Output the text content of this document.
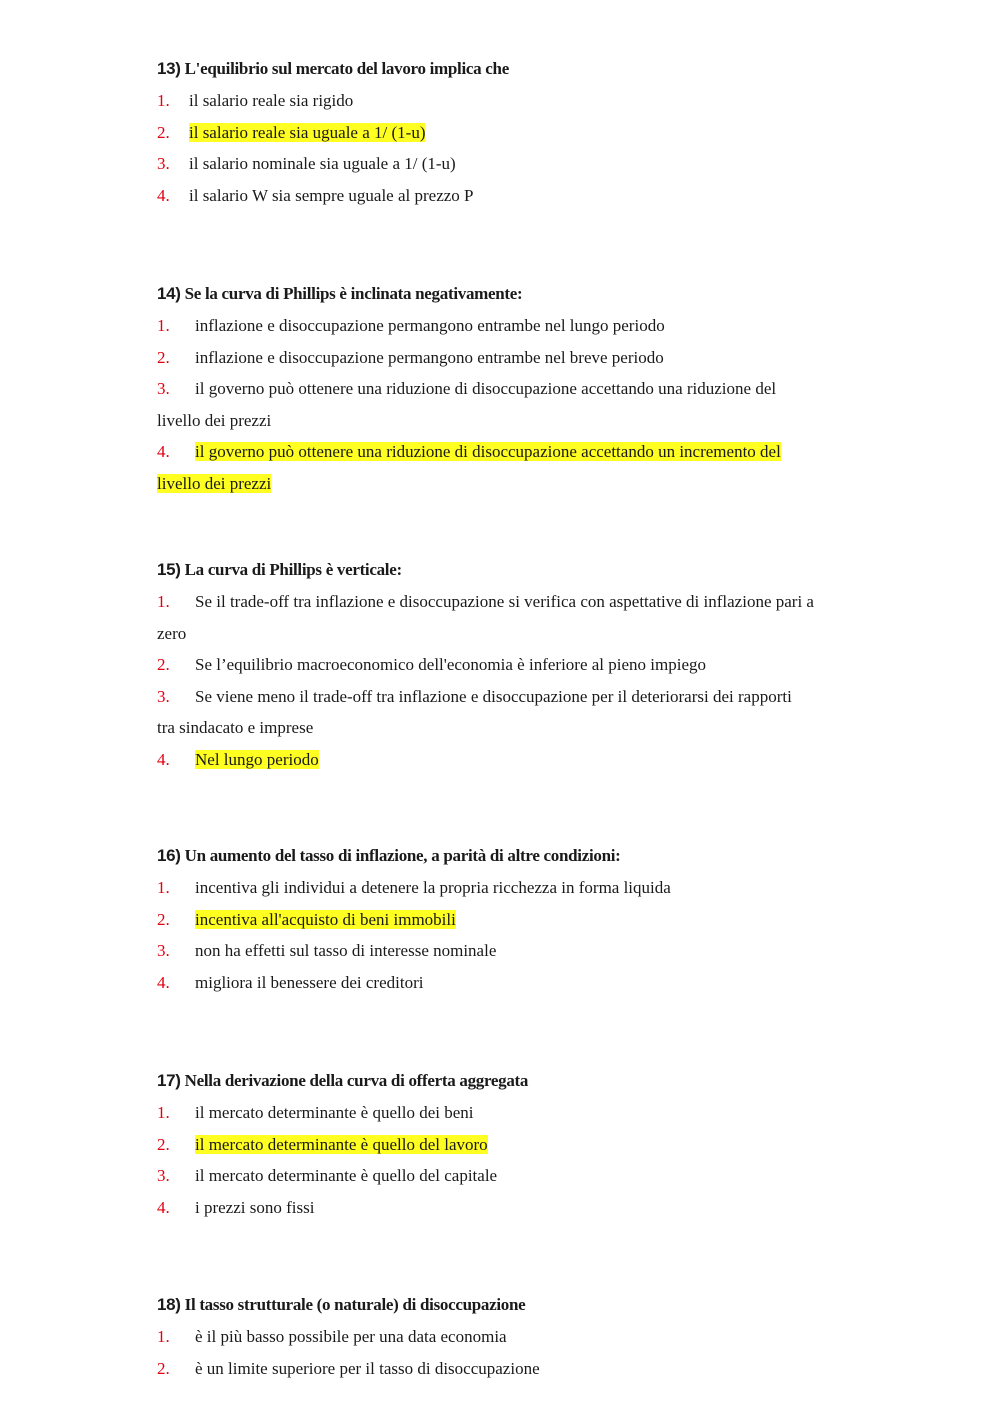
13) L'equilibrio sul mercato del lavoro implica che
1. il salario reale sia rigido
2. il salario reale sia uguale a 1/ (1-u)
3. il salario nominale sia uguale a 1/ (1-u)
4. il salario W sia sempre uguale al prezzo P
14) Se la curva di Phillips è inclinata negativamente:
1. inflazione e disoccupazione permangono entrambe nel lungo periodo
2. inflazione e disoccupazione permangono entrambe nel breve periodo
3. il governo può ottenere una riduzione di disoccupazione accettando una riduzione del
livello dei prezzi
4. il governo può ottenere una riduzione di disoccupazione accettando un incremento del
livello dei prezzi
15) La curva di Phillips è verticale:
1. Se il trade-off tra inflazione e disoccupazione si verifica con aspettative di inflazione pari a
zero
2. Se l’equilibrio macroeconomico dell'economia è inferiore al pieno impiego
3. Se viene meno il trade-off tra inflazione e disoccupazione per il deteriorarsi dei rapporti
tra sindacato e imprese
4. Nel lungo periodo
16) Un aumento del tasso di inflazione, a parità di altre condizioni:
1. incentiva gli individui a detenere la propria ricchezza in forma liquida
2. incentiva all'acquisto di beni immobili
3. non ha effetti sul tasso di interesse nominale
4. migliora il benessere dei creditori
17) Nella derivazione della curva di offerta aggregata
1. il mercato determinante è quello dei beni
2. il mercato determinante è quello del lavoro
3. il mercato determinante è quello del capitale
4. i prezzi sono fissi
18) Il tasso strutturale (o naturale) di disoccupazione
1. è il più basso possibile per una data economia
2. è un limite superiore per il tasso di disoccupazione
